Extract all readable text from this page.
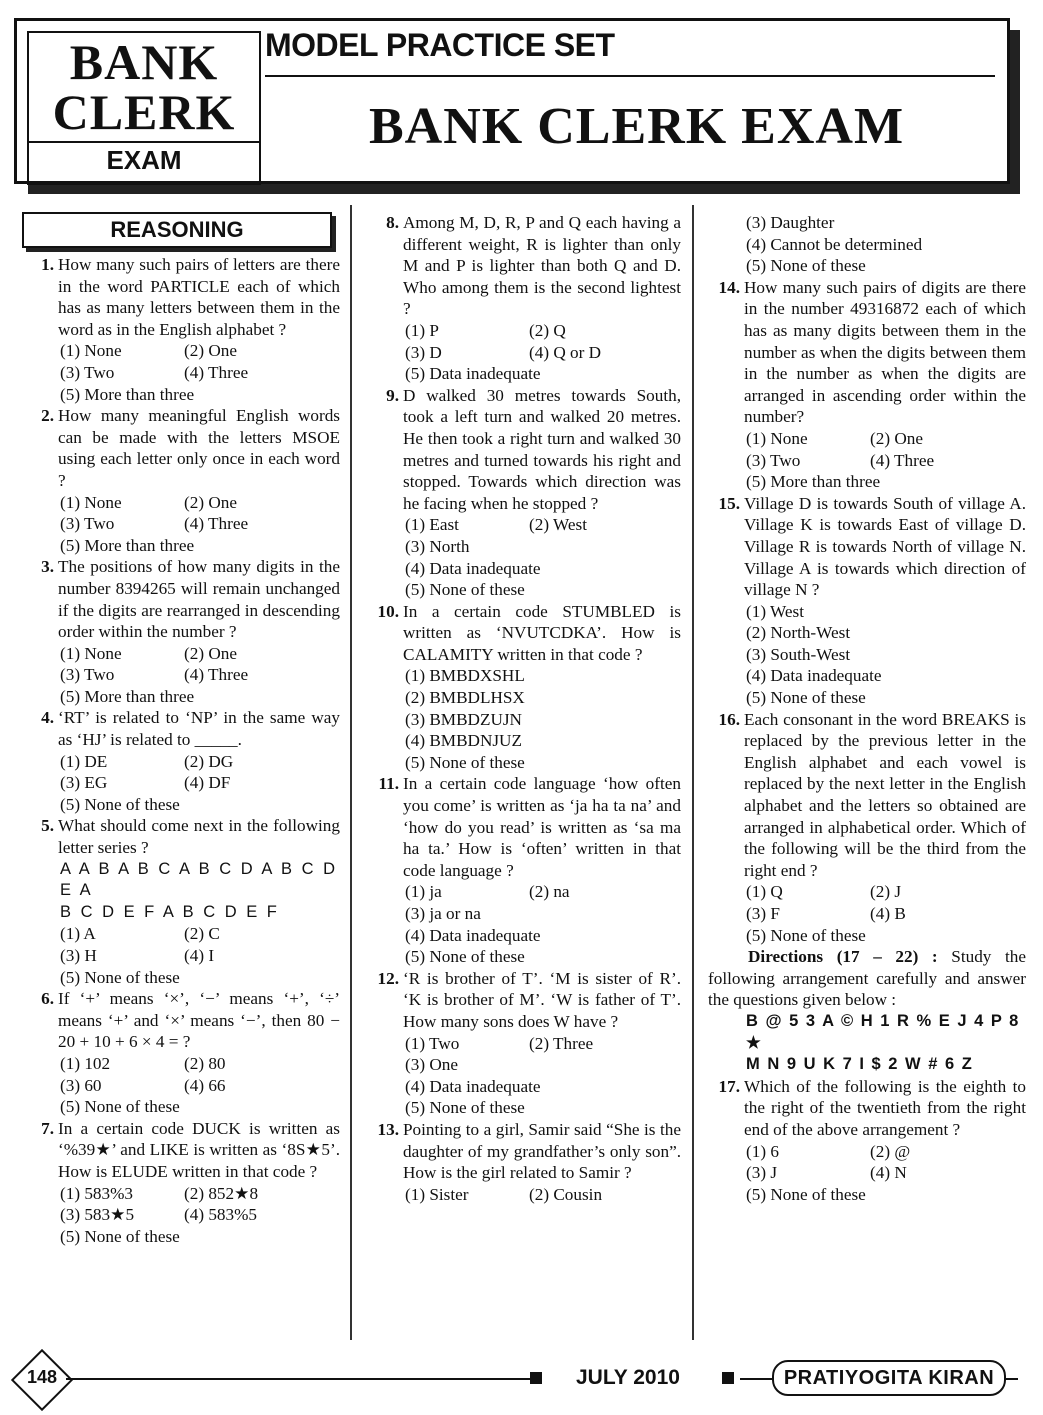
BANK
CLERK
EXAM
MODEL PRACTICE SET
BANK CLERK EXAM
REASONING
1. How many such pairs of letters are there in the word PARTICLE each of which has as many letters between them in the word as in the English alphabet ?
(1) None	(2) One
(3) Two	(4) Three
(5) More than three
2. How many meaningful English words can be made with the letters MSOE using each letter only once in each word ?
(1) None	(2) One
(3) Two	(4) Three
(5) More than three
3. The positions of how many digits in the number 8394265 will remain unchanged if the digits are rearranged in descending order within the number ?
(1) None	(2) One
(3) Two	(4) Three
(5) More than three
4. ‘RT’ is related to ‘NP’ in the same way as ‘HJ’ is related to _____.
(1) DE	(2) DG
(3) EG	(4) DF
(5) None of these
5. What should come next in the following letter series ?
A A B A B C A B C D A B C D E A
B C D E F A B C D E F
(1) A	(2) C
(3) H	(4) I
(5) None of these
6. If ‘+’ means ‘×’, ‘−’ means ‘+’, ‘÷’ means ‘+’ and ‘×’ means ‘−’, then 80 − 20 + 10 + 6 × 4 = ?
(1) 102	(2) 80
(3) 60	(4) 66
(5) None of these
7. In a certain code DUCK is written as ‘%39★’ and LIKE is written as ‘8S★5’. How is ELUDE written in that code ?
(1) 583%3	(2) 852★8
(3) 583★5	(4) 583%5
(5) None of these
8. Among M, D, R, P and Q each having a different weight, R is lighter than only M and P is lighter than both Q and D. Who among them is the second lightest ?
(1) P	(2) Q
(3) D	(4) Q or D
(5) Data inadequate
9. D walked 30 metres towards South, took a left turn and walked 20 metres. He then took a right turn and walked 30 metres and turned towards his right and stopped. Towards which direction was he facing when he stopped ?
(1) East	(2) West
(3) North
(4) Data inadequate
(5) None of these
10. In a certain code STUMBLED is written as ‘NVUTCDKA’. How is CALAMITY written in that code ?
(1) BMBDXSHL
(2) BMBDLHSX
(3) BMBDZUJN
(4) BMBDNJUZ
(5) None of these
11. In a certain code language ‘how often you come’ is written as ‘ja ha ta na’ and ‘how do you read’ is written as ‘sa ma ha ta.’ How is ‘often’ written in that code language ?
(1) ja	(2) na
(3) ja or na
(4) Data inadequate
(5) None of these
12. ‘R is brother of T’. ‘M is sister of R’. ‘K is brother of M’. ‘W is father of T’. How many sons does W have ?
(1) Two	(2) Three
(3) One
(4) Data inadequate
(5) None of these
13. Pointing to a girl, Samir said “She is the daughter of my grandfather’s only son”. How is the girl related to Samir ?
(1) Sister	(2) Cousin
(3) Daughter
(4) Cannot be determined
(5) None of these
14. How many such pairs of digits are there in the number 49316872 each of which has as many digits between them in the number as when the digits between them in the number as when the digits are arranged in ascending order within the number?
(1) None	(2) One
(3) Two	(4) Three
(5) More than three
15. Village D is towards South of village A. Village K is towards East of village D. Village R is towards North of village N. Village A is towards which direction of village N ?
(1) West
(2) North-West
(3) South-West
(4) Data inadequate
(5) None of these
16. Each consonant in the word BREAKS is replaced by the previous letter in the English alphabet and each vowel is replaced by the next letter in the English alphabet and the letters so obtained are arranged in alphabetical order. Which of the following will be the third from the right end ?
(1) Q	(2) J
(3) F	(4) B
(5) None of these
Directions (17 – 22) : Study the following arrangement carefully and answer the questions given below :
B @ 5 3 A © H 1 R % E J 4 P 8 ★
M N 9 U K 7 I $ 2 W # 6 Z
17. Which of the following is the eighth to the right of the twentieth from the right end of the above arrangement ?
(1) 6	(2) @
(3) J	(4) N
(5) None of these
148	JULY 2010	PRATIYOGITA KIRAN
